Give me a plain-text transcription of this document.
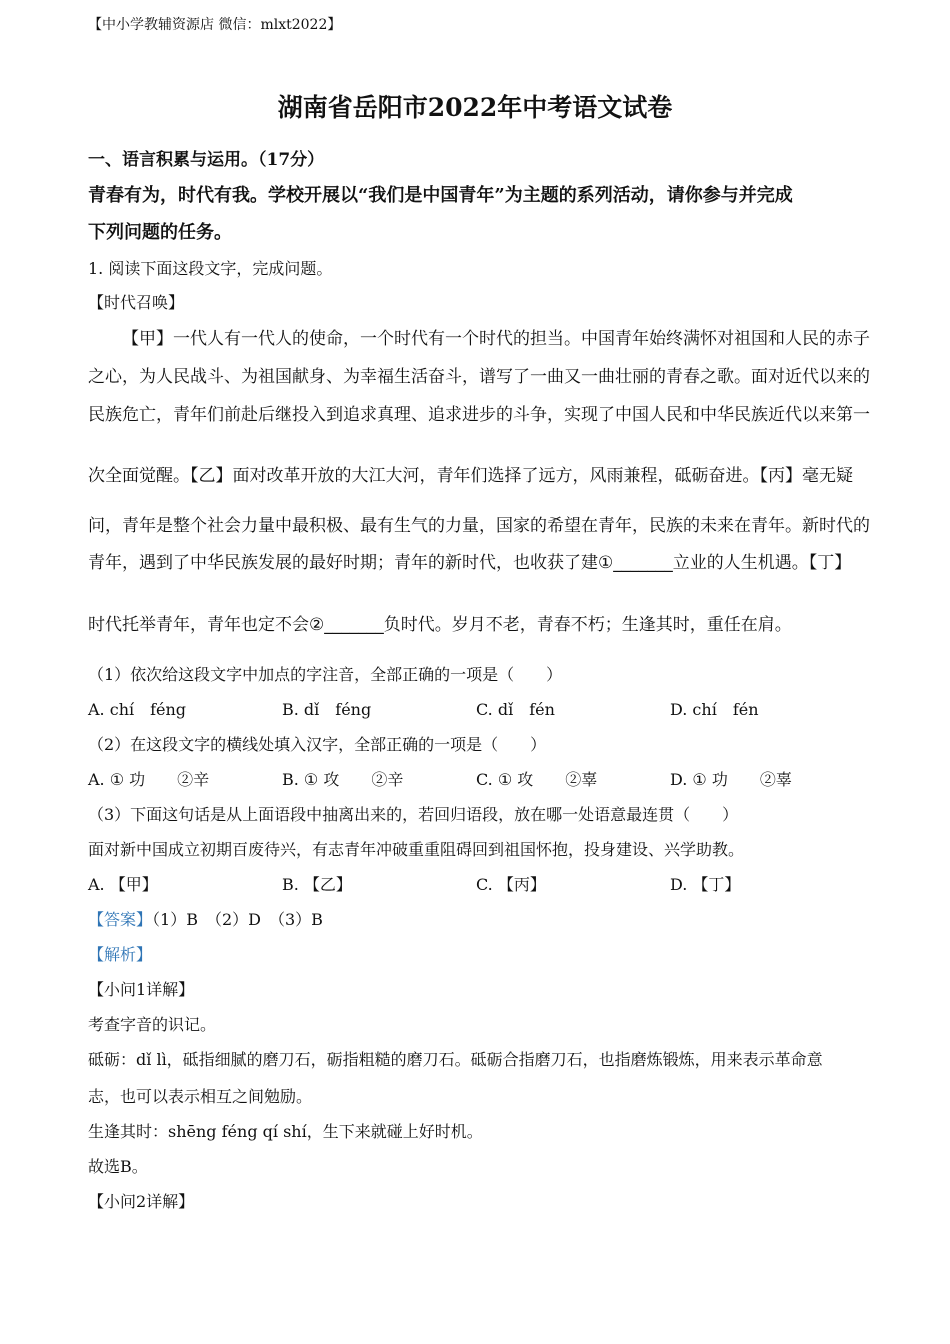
【中小学教辅资源店 微信：mlxt2022】
湖南省岳阳市2022年中考语文试卷
一、语言积累与运用。（17分）
青春有为，时代有我。学校开展以“我们是中国青年”为主题的系列活动，请你参与并完成
下列问题的任务。
1. 阅读下面这段文字，完成问题。
【时代召唤】
【甲】一代人有一代人的使命，一个时代有一个时代的担当。中国青年始终满怀对祖国和人民的赤子
之心，为人民战斗、为祖国献身、为幸福生活奋斗，谱写了一曲又一曲壮丽的青春之歌。面对近代以来的
民族危亡，青年们前赴后继投入到追求真理、追求进步的斗争，实现了中国人民和中华民族近代以来第一
次全面觉醒。【乙】面对改革开放的大江大河，青年们选择了远方，风雨兼程，砥砺奋进。【丙】毫无疑
问，青年是整个社会力量中最积极、最有生气的力量，国家的希望在青年，民族的未来在青年。新时代的
青年，遇到了中华民族发展的最好时期；青年的新时代，也收获了建①_______立业的人生机遇。【丁】
时代托举青年，青年也定不会②_______负时代。岁月不老，青春不朽；生逢其时，重任在肩。
（1）依次给这段文字中加点的字注音，全部正确的一项是（　　）
A. chí　féng	B. dǐ　féng	C. dǐ　fén	D. chí　fén
（2）在这段文字的横线处填入汉字，全部正确的一项是（　　）
A. ① 功　　②辛	B. ① 攻　　②辛	C. ① 攻　　②辜	D. ① 功　　②辜
（3）下面这句话是从上面语段中抽离出来的，若回归语段，放在哪一处语意最连贯（　　）
面对新中国成立初期百废待兴，有志青年冲破重重阻碍回到祖国怀抱，投身建设、兴学助教。
A. 【甲】	B. 【乙】	C. 【丙】	D. 【丁】
【答案】（1）B　（2）D　（3）B
【解析】
【小问1详解】
考查字音的识记。
砥砺：dǐ lì，砥指细腻的磨刀石，砺指粗糙的磨刀石。砥砺合指磨刀石，也指磨炼锻炼，用来表示革命意
志，也可以表示相互之间勉励。
生逢其时：shēng féng qí shí，生下来就碰上好时机。
故选B。
【小问2详解】
